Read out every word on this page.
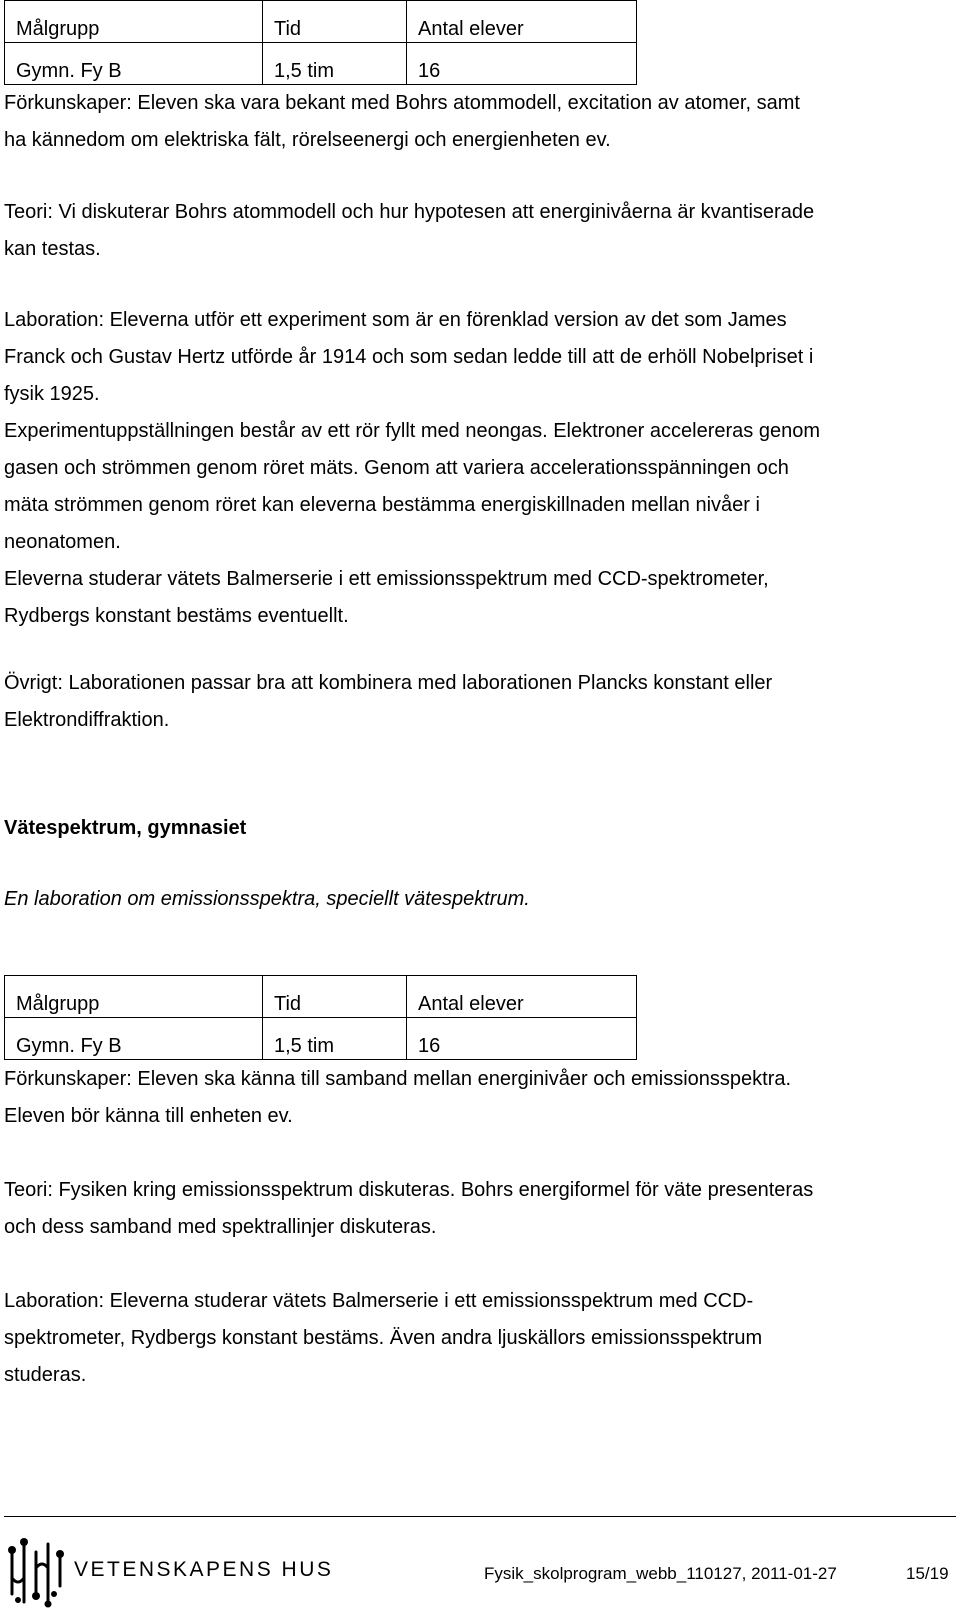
Målgrupp	Tid	Antal elever
Gymn. Fy B	1,5 tim	16
Förkunskaper: Eleven ska vara bekant med Bohrs atommodell, excitation av atomer, samt
ha kännedom om elektriska fält, rörelseenergi och energienheten ev.
Teori: Vi diskuterar Bohrs atommodell och hur hypotesen att energinivåerna är kvantiserade
kan testas.
Laboration: Eleverna utför ett experiment som är en förenklad version av det som James
Franck och Gustav Hertz utförde år 1914 och som sedan ledde till att de erhöll Nobelpriset i
fysik 1925.
Experimentuppställningen består av ett rör fyllt med neongas. Elektroner accelereras genom
gasen och strömmen genom röret mäts. Genom att variera accelerationsspänningen och
mäta strömmen genom röret kan eleverna bestämma energiskillnaden mellan nivåer i
neonatomen.
Eleverna studerar vätets Balmerserie i ett emissionsspektrum med CCD-spektrometer,
Rydbergs konstant bestäms eventuellt.
Övrigt: Laborationen passar bra att kombinera med laborationen Plancks konstant eller
Elektrondiffraktion.
Vätespektrum, gymnasiet
En laboration om emissionsspektra, speciellt vätespektrum.
Målgrupp	Tid	Antal elever
Gymn. Fy B	1,5 tim	16
Förkunskaper: Eleven ska känna till samband mellan energinivåer och emissionsspektra.
Eleven bör känna till enheten ev.
Teori: Fysiken kring emissionsspektrum diskuteras. Bohrs energiformel för väte presenteras
och dess samband med spektrallinjer diskuteras.
Laboration: Eleverna studerar vätets Balmerserie i ett emissionsspektrum med CCD-
spektrometer, Rydbergs konstant bestäms. Även andra ljuskällors emissionsspektrum
studeras.
VETENSKAPENS HUS	Fysik_skolprogram_webb_110127, 2011-01-27	15/19
